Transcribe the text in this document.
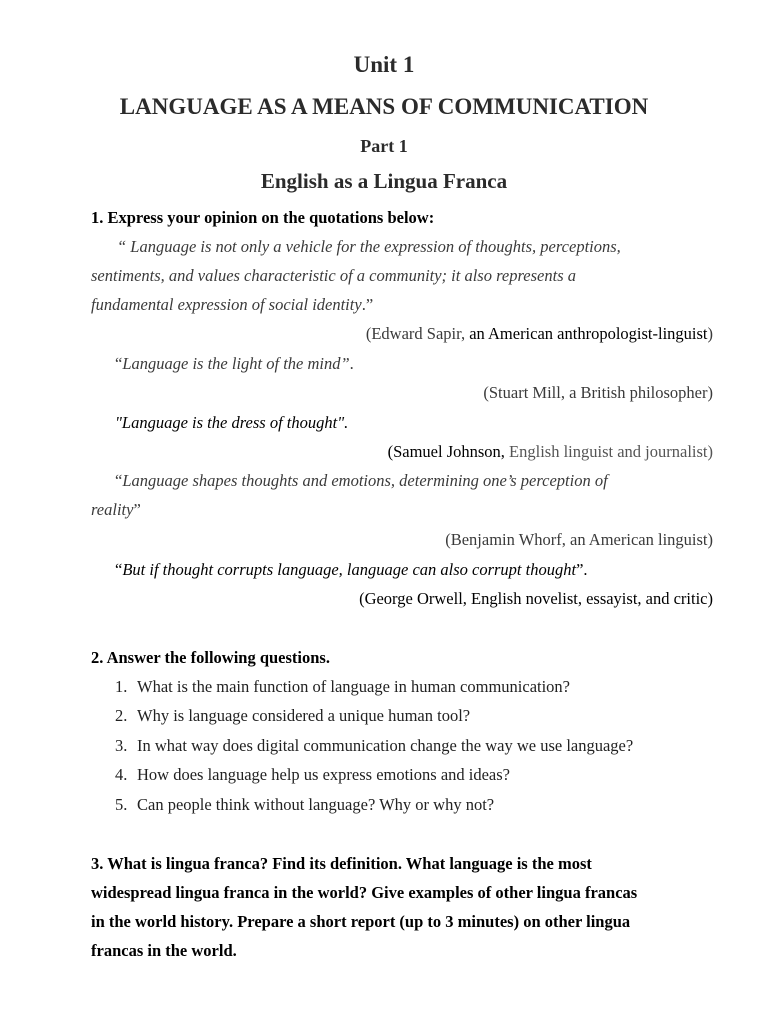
Unit 1
LANGUAGE AS A MEANS OF COMMUNICATION
Part 1
English as a Lingua Franca
1. Express your opinion on the quotations below:
“ Language is not only a vehicle for the expression of thoughts, perceptions,
sentiments, and values characteristic of a community; it also represents a
fundamental expression of social identity.”
(Edward Sapir, an American anthropologist-linguist)
“Language is the light of the mind”.
(Stuart Mill, a British philosopher)
"Language is the dress of thought".
(Samuel Johnson, English linguist and journalist)
“Language shapes thoughts and emotions, determining one’s perception of
reality”
(Benjamin Whorf, an American linguist)
“But if thought corrupts language, language can also corrupt thought”.
(George Orwell, English novelist, essayist, and critic)
2. Answer the following questions.
1. What is the main function of language in human communication?
2. Why is language considered a unique human tool?
3. In what way does digital communication change the way we use language?
4. How does language help us express emotions and ideas?
5. Can people think without language? Why or why not?
3. What is lingua franca? Find its definition. What language is the most
widespread lingua franca in the world? Give examples of other lingua francas
in the world history. Prepare a short report (up to 3 minutes) on other lingua
francas in the world.
